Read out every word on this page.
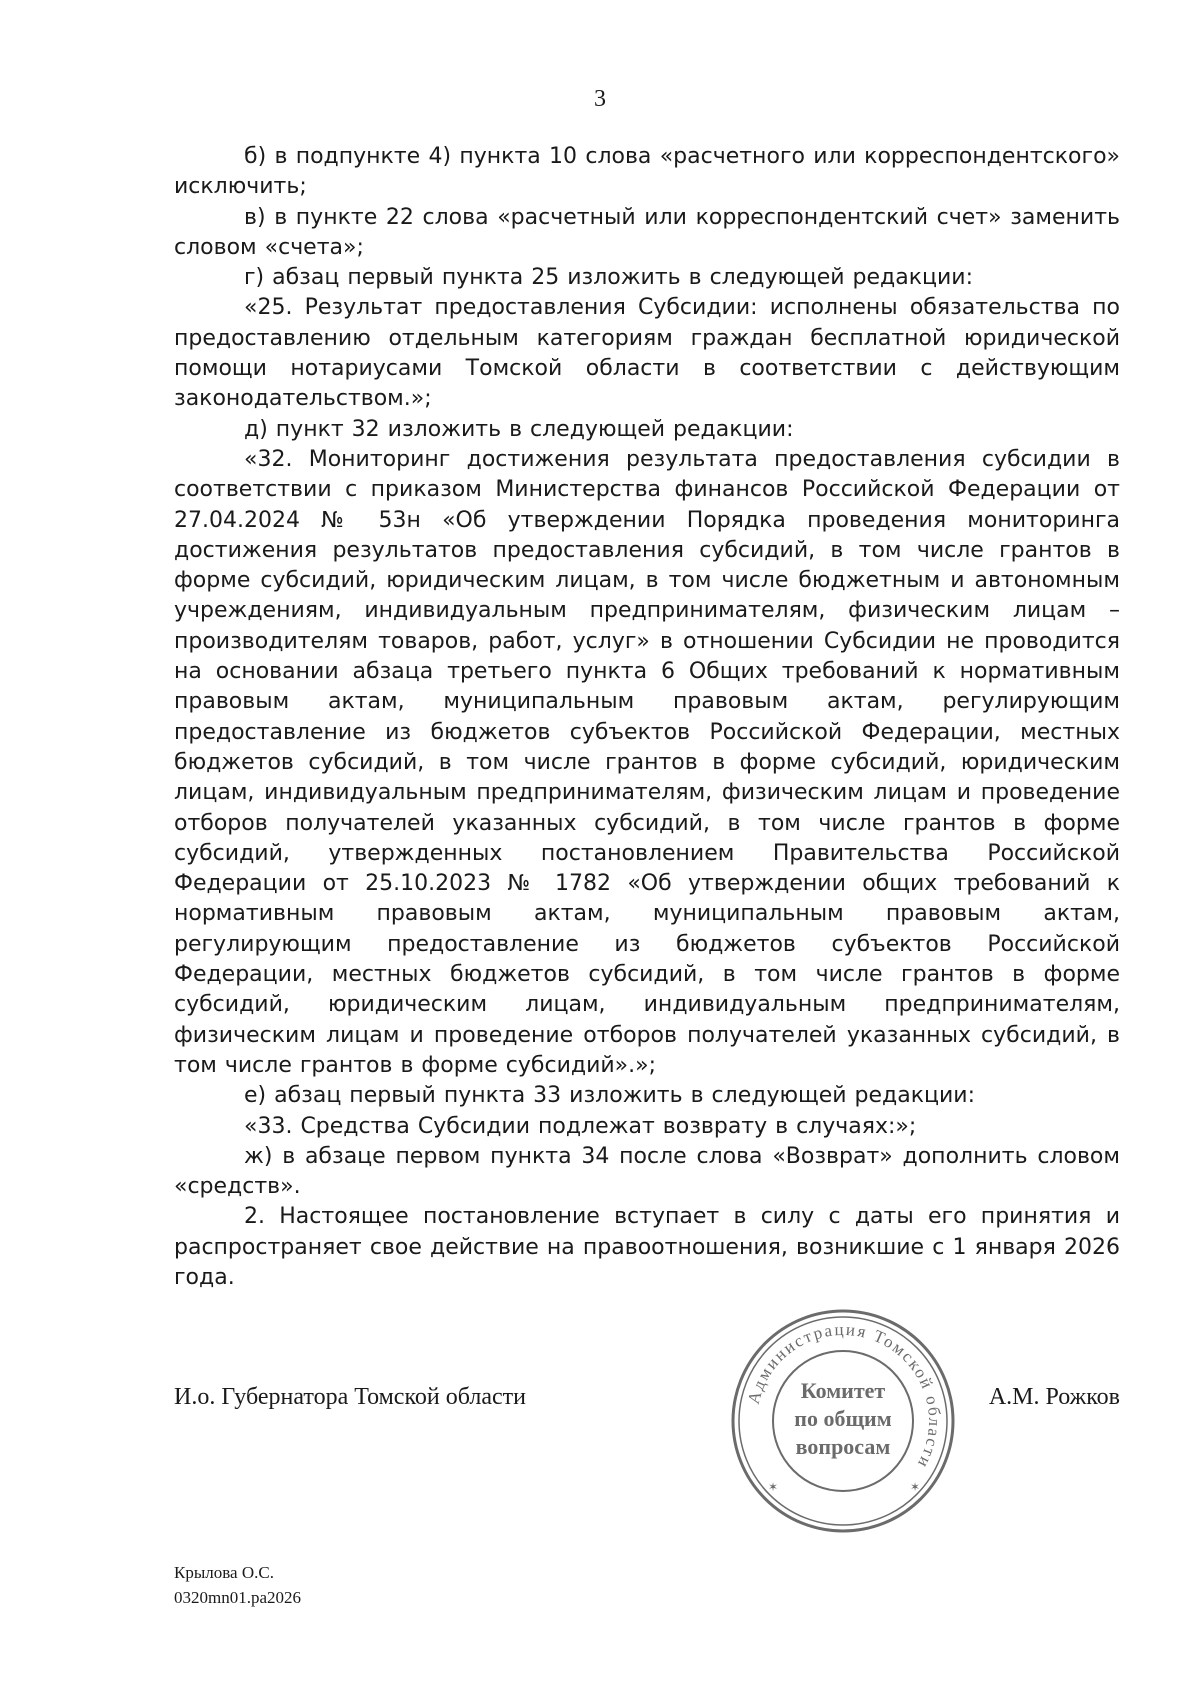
3

б) в подпункте 4) пункта 10 слова «расчетного или корреспондентского» исключить;

в) в пункте 22 слова «расчетный или корреспондентский счет» заменить словом «счета»;

г) абзац первый пункта 25 изложить в следующей редакции:

«25. Результат предоставления Субсидии: исполнены обязательства по предоставлению отдельным категориям граждан бесплатной юридической помощи нотариусами Томской области в соответствии с действующим законодательством.»;

д) пункт 32 изложить в следующей редакции:

«32. Мониторинг достижения результата предоставления субсидии в соответствии с приказом Министерства финансов Российской Федерации от 27.04.2024 № 53н «Об утверждении Порядка проведения мониторинга достижения результатов предоставления субсидий, в том числе грантов в форме субсидий, юридическим лицам, в том числе бюджетным и автономным учреждениям, индивидуальным предпринимателям, физическим лицам – производителям товаров, работ, услуг» в отношении Субсидии не проводится на основании абзаца третьего пункта 6 Общих требований к нормативным правовым актам, муниципальным правовым актам, регулирующим предоставление из бюджетов субъектов Российской Федерации, местных бюджетов субсидий, в том числе грантов в форме субсидий, юридическим лицам, индивидуальным предпринимателям, физическим лицам и проведение отборов получателей указанных субсидий, в том числе грантов в форме субсидий, утвержденных постановлением Правительства Российской Федерации от 25.10.2023 № 1782 «Об утверждении общих требований к нормативным правовым актам, муниципальным правовым актам, регулирующим предоставление из бюджетов субъектов Российской Федерации, местных бюджетов субсидий, в том числе грантов в форме субсидий, юридическим лицам, индивидуальным предпринимателям, физическим лицам и проведение отборов получателей указанных субсидий, в том числе грантов в форме субсидий».»;

е) абзац первый пункта 33 изложить в следующей редакции:

«33. Средства Субсидии подлежат возврату в случаях:»;

ж) в абзаце первом пункта 34 после слова «Возврат» дополнить словом «средств».

2. Настоящее постановление вступает в силу с даты его принятия и распространяет свое действие на правоотношения, возникшие с 1 января 2026 года.

И.о. Губернатора Томской области	А.М. Рожков
Администрация Томской области
Комитет
по общим
вопросам
✶	✶
Крылова О.С.
0320mn01.pa2026
